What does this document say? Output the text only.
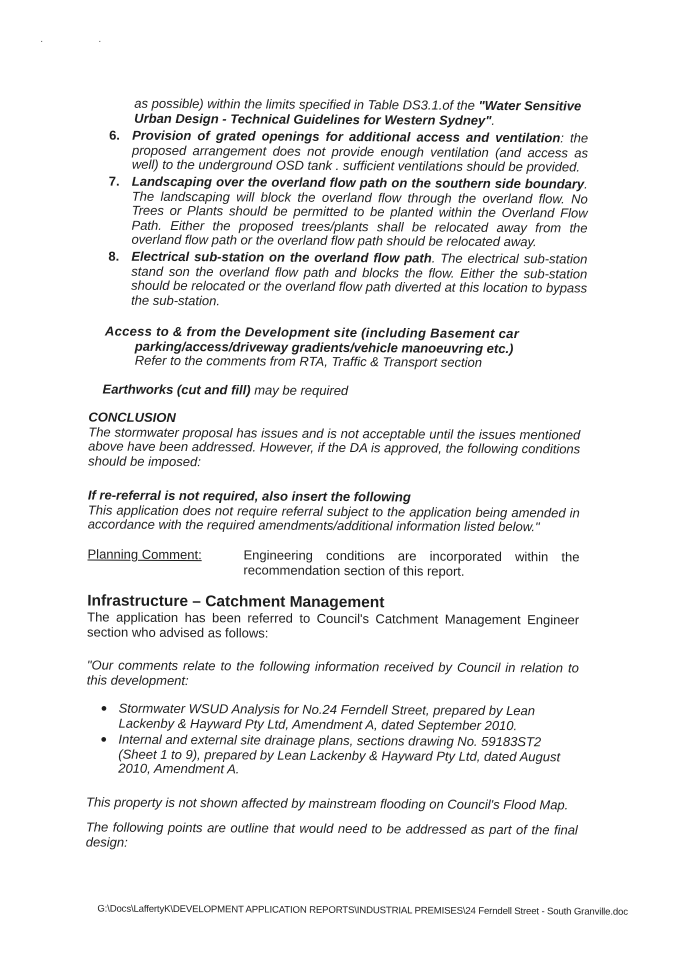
· ·
as possible) within the limits specified in Table DS3.1.of the "Water Sensitive
Urban Design - Technical Guidelines for Western Sydney".
6. Provision of grated openings for additional access and ventilation: the proposed arrangement does not provide enough ventilation (and access as well) to the underground OSD tank . sufficient ventilations should be provided.
7. Landscaping over the overland flow path on the southern side boundary. The landscaping will block the overland flow through the overland flow. No Trees or Plants should be permitted to be planted within the Overland Flow Path. Either the proposed trees/plants shall be relocated away from the overland flow path or the overland flow path should be relocated away.
8. Electrical sub-station on the overland flow path. The electrical sub-station stand son the overland flow path and blocks the flow. Either the sub-station should be relocated or the overland flow path diverted at this location to bypass the sub-station.
Access to & from the Development site (including Basement car
parking/access/driveway gradients/vehicle manoeuvring etc.)
Refer to the comments from RTA, Traffic & Transport section
Earthworks (cut and fill) may be required
CONCLUSION
The stormwater proposal has issues and is not acceptable until the issues mentioned above have been addressed. However, if the DA is approved, the following conditions should be imposed:
If re-referral is not required, also insert the following
This application does not require referral subject to the application being amended in accordance with the required amendments/additional information listed below."
Planning Comment:	Engineering conditions are incorporated within the recommendation section of this report.
Infrastructure – Catchment Management
The application has been referred to Council's Catchment Management Engineer section who advised as follows:
"Our comments relate to the following information received by Council in relation to this development:
● Stormwater WSUD Analysis for No.24 Ferndell Street, prepared by Lean Lackenby & Hayward Pty Ltd, Amendment A, dated September 2010.
● Internal and external site drainage plans, sections drawing No. 59183ST2 (Sheet 1 to 9), prepared by Lean Lackenby & Hayward Pty Ltd, dated August 2010, Amendment A.
This property is not shown affected by mainstream flooding on Council's Flood Map.
The following points are outline that would need to be addressed as part of the final design:
G:\Docs\LaffertyK\DEVELOPMENT APPLICATION REPORTS\INDUSTRIAL PREMISES\24 Ferndell Street - South Granville.doc
